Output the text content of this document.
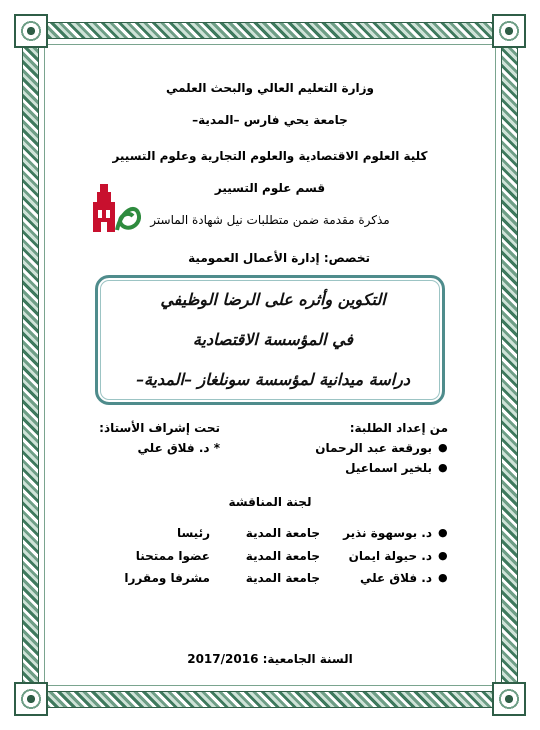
وزارة التعليم العالي والبحث العلمي
جامعة يحي فارس –المدية–
كلية العلوم الاقتصادية والعلوم التجارية وعلوم التسيير
قسم علوم التسيير
مذكرة مقدمة ضمن متطلبات نيل شهادة الماستر
تخصص: إدارة الأعمال العمومية
التكوين وأثره على الرضا الوظيفي
في المؤسسة الاقتصادية
دراسة ميدانية لمؤسسة سونلغاز –المدية–
من إعداد الطلبة:
●
بورقعة عبد الرحمان
●
بلخير اسماعيل
تحت إشراف الأستاذ:
* د. فلاق علي
لجنة المناقشة
●
د. بوسهوة نذير
جامعة المدية
رئيسا
●
د. حيولة ايمان
جامعة المدية
عضوا ممتحنا
●
د. فلاق علي
جامعة المدية
مشرفا ومقررا
السنة الجامعية: 2017/2016
